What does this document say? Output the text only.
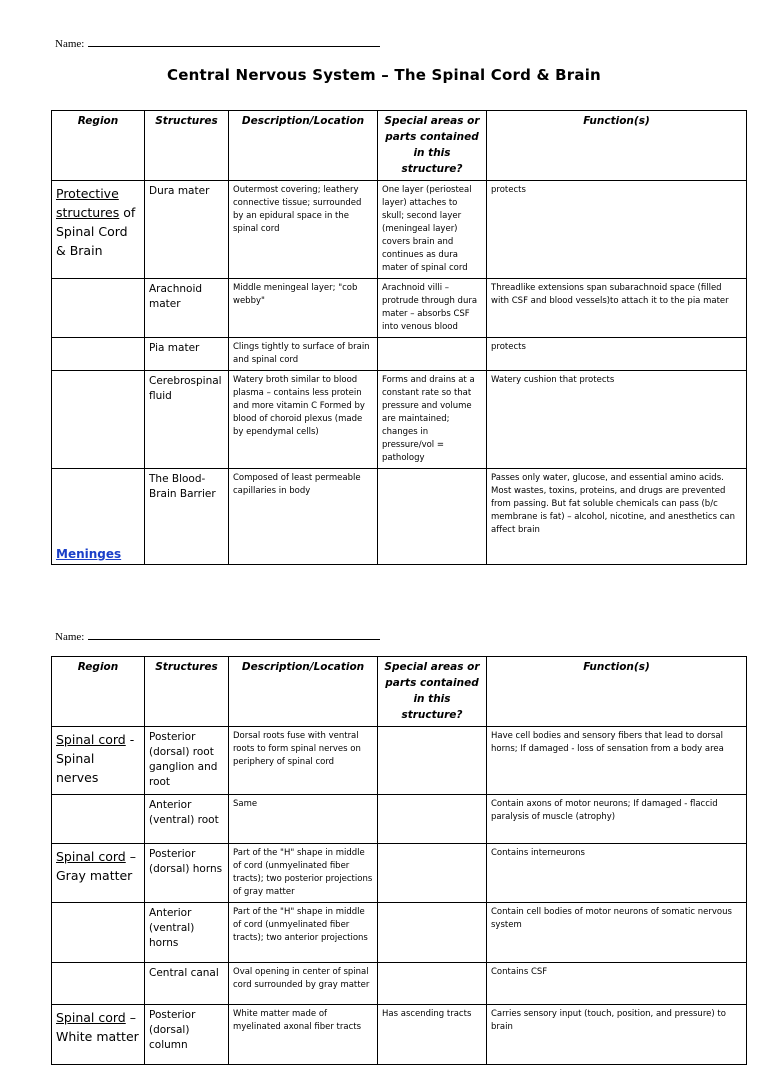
Name:
Central Nervous System – The Spinal Cord & Brain
Region	Structures	Description/Location	Special areas or parts contained in this structure?	Function(s)
Protective structures of Spinal Cord & Brain	Dura mater	Outermost covering; leathery connective tissue; surrounded by an epidural space in the spinal cord	One layer (periosteal layer) attaches to skull; second layer (meningeal layer) covers brain and continues as dura mater of spinal cord	protects
	Arachnoid mater	Middle meningeal layer; "cob webby"	Arachnoid villi – protrude through dura mater – absorbs CSF into venous blood	Threadlike extensions span subarachnoid space (filled with CSF and blood vessels)to attach it to the pia mater
	Pia mater	Clings tightly to surface of brain and spinal cord		protects
	Cerebrospinal fluid	Watery broth similar to blood plasma – contains less protein and more vitamin C Formed by blood of choroid plexus (made by ependymal cells)	Forms and drains at a constant rate so that pressure and volume are maintained; changes in pressure/vol = pathology	Watery cushion that protects
Meninges	The Blood-Brain Barrier	Composed of least permeable capillaries in body		Passes only water, glucose, and essential amino acids. Most wastes, toxins, proteins, and drugs are prevented from passing. But fat soluble chemicals can pass (b/c membrane is fat) – alcohol, nicotine, and anesthetics can affect brain
Name:
Region	Structures	Description/Location	Special areas or parts contained in this structure?	Function(s)
Spinal cord - Spinal nerves	Posterior (dorsal) root ganglion and root	Dorsal roots fuse with ventral roots to form spinal nerves on periphery of spinal cord		Have cell bodies and sensory fibers that lead to dorsal horns; If damaged - loss of sensation from a body area
	Anterior (ventral) root	Same		Contain axons of motor neurons; If damaged - flaccid paralysis of muscle (atrophy)
Spinal cord – Gray matter	Posterior (dorsal) horns	Part of the "H" shape in middle of cord (unmyelinated fiber tracts); two posterior projections of gray matter		Contains interneurons
	Anterior (ventral) horns	Part of the "H" shape in middle of cord (unmyelinated fiber tracts); two anterior projections		Contain cell bodies of motor neurons of somatic nervous system
	Central canal	Oval opening in center of spinal cord surrounded by gray matter		Contains CSF
Spinal cord – White matter	Posterior (dorsal) column	White matter made of myelinated axonal fiber tracts	Has ascending tracts	Carries sensory input (touch, position, and pressure) to brain
